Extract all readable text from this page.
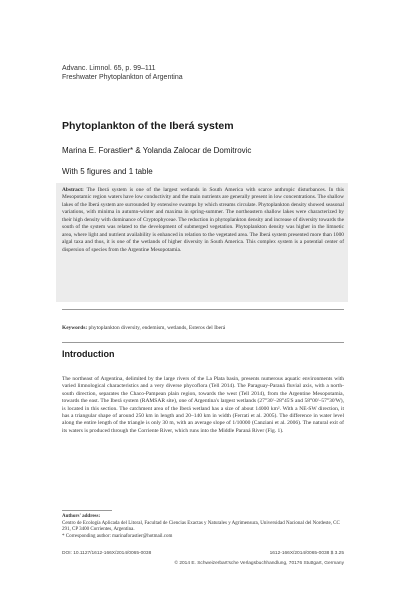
Advanc. Limnol. 65, p. 99–111
Freshwater Phytoplankton of Argentina
Phytoplankton of the Iberá system
Marina E. Forastier* & Yolanda Zalocar de Domitrovic
With 5 figures and 1 table
Abstract: The Iberá system is one of the largest wetlands in South America with scarce anthropic disturbances. In this Mesopotamic region waters have low conductivity and the main nutrients are generally present in low concentrations. The shallow lakes of the Iberá system are surrounded by extensive swamps by which streams circulate. Phytoplankton density showed seasonal variations, with minima in autumn-winter and maxima in spring-summer. The northeastern shallow lakes were characterized by their high density with dominance of Cryptophyceae. The reduction in phytoplankton density and increase of diversity towards the south of the system was related to the development of submerged vegetation. Phytoplankton density was higher in the limnetic area, where light and nutrient availability is enhanced in relation to the vegetated area. The Iberá system presented more than 1000 algal taxa and thus, it is one of the wetlands of higher diversity in South America. This complex system is a potential center of dispersion of species from the Argentine Mesopotamia.
Keywords: phytoplankton diversity, endemism, wetlands, Esteros del Iberá
Introduction
The northeast of Argentina, delimited by the large rivers of the La Plata basin, presents numerous aquatic environments with varied limnological characteristics and a very diverse phycoflora (Tell 2014). The Paraguay-Paraná fluvial axis, with a north-south direction, separates the Chaco-Pampean plain region, towards the west (Tell 2014), from the Argentine Mesopotamia, towards the east. The Iberá system (RAMSAR site), one of Argentina's largest wetlands (27°30'–28°45'S and 58°00'–57°30'W), is located in this section. The catchment area of the Iberá wetland has a size of about 14000 km². With a NE-SW direction, it has a triangular shape of around 250 km in length and 20–140 km in width (Ferrati et al. 2005). The difference in water level along the entire length of the triangle is only 30 m, with an average slope of 1/10000 (Canziani et al. 2006). The natural exit of its waters is produced through the Corriente River, which runs into the Middle Paraná River (Fig. 1).
Authors' address:
Centro de Ecología Aplicada del Litoral, Facultad de Ciencias Exactas y Naturales y Agrimensura, Universidad Nacional del Nordeste, CC 291, CP 3400 Corrientes, Argentina.
* Corresponding author: marinaforastier@hotmail.com
DOI: 10.1127/1612-166X/2014/0065-0038	1612-166X/2014/0065-0038 $ 3.25
© 2014 E. Schweizerbart'sche Verlagsbuchhandlung, 70176 Stuttgart, Germany
